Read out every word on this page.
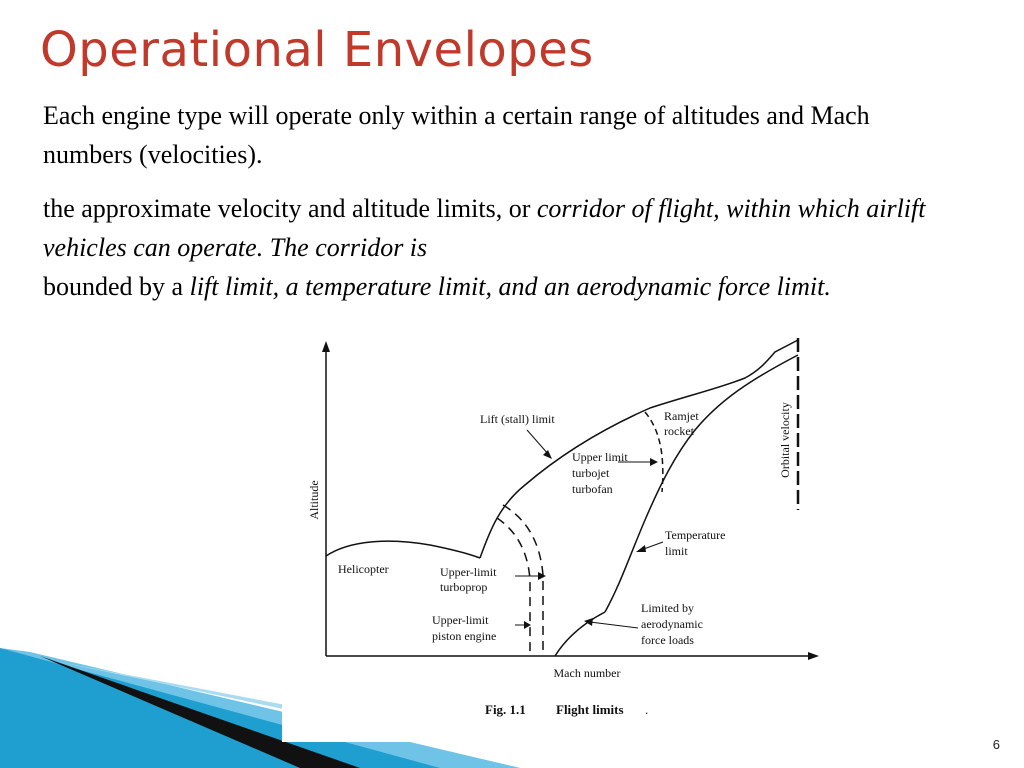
Operational Envelopes

Each engine type will operate only within a certain range of altitudes and Mach numbers (velocities).

the approximate velocity and altitude limits, or corridor of flight, within which airlift vehicles can operate. The corridor is
bounded by a lift limit, a temperature limit, and an aerodynamic force limit.

Altitude
Mach number
Lift (stall) limit	Ramjet
rocket	Orbital velocity
Upper limit
turbojet
turbofan
Temperature
limit
Helicopter	Upper-limit
turboprop
Upper-limit
piston engine
Limited by
aerodynamic
force loads
Fig. 1.1 Flight limits .
6
